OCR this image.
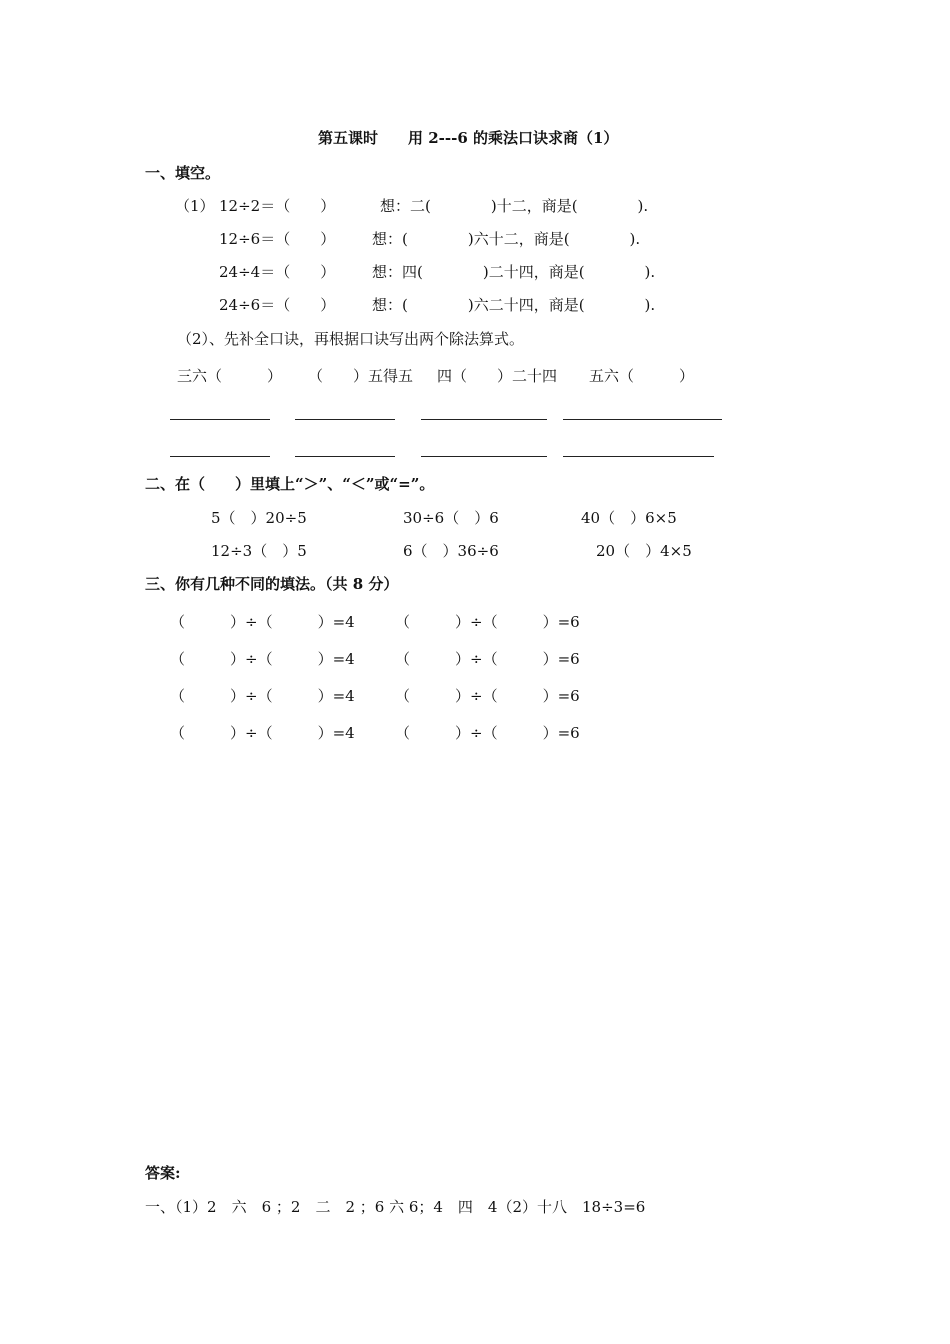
第五课时　　用 2---6 的乘法口诀求商（1）
一、填空。
（1） 12÷2＝（　　）	想：二(　　　　)十二，商是(　　　　).
12÷6＝（　　） 想：(　　　　)六十二，商是(　　　　).
24÷4＝（　　） 想：四(　　　　)二十四，商是(　　　　).
24÷6＝（　　） 想：(　　　　)六二十四，商是(　　　　).
（2）、先补全口诀，再根据口诀写出两个除法算式。
三六（　　　） （　　）五得五 四（　　）二十四 五六（　　　）
二、在（　　）里填上“＞”、“＜”或“=”。
5（　）20÷5	30÷6（　）6	40（　）6×5
12÷3（　）5	6（　）36÷6	20（　）4×5
三、你有几种不同的填法。（共 8 分）
（　　　）÷（　　　）=4	（　　　）÷（　　　）=6
（　　　）÷（　　　）=4	（　　　）÷（　　　）=6
（　　　）÷（　　　）=4	（　　　）÷（　　　）=6
（　　　）÷（　　　）=4	（　　　）÷（　　　）=6
答案:
一、（1）2　六　6 ；2　二　2 ；6 六 6；4　四　4（2）十八　18÷3=6
